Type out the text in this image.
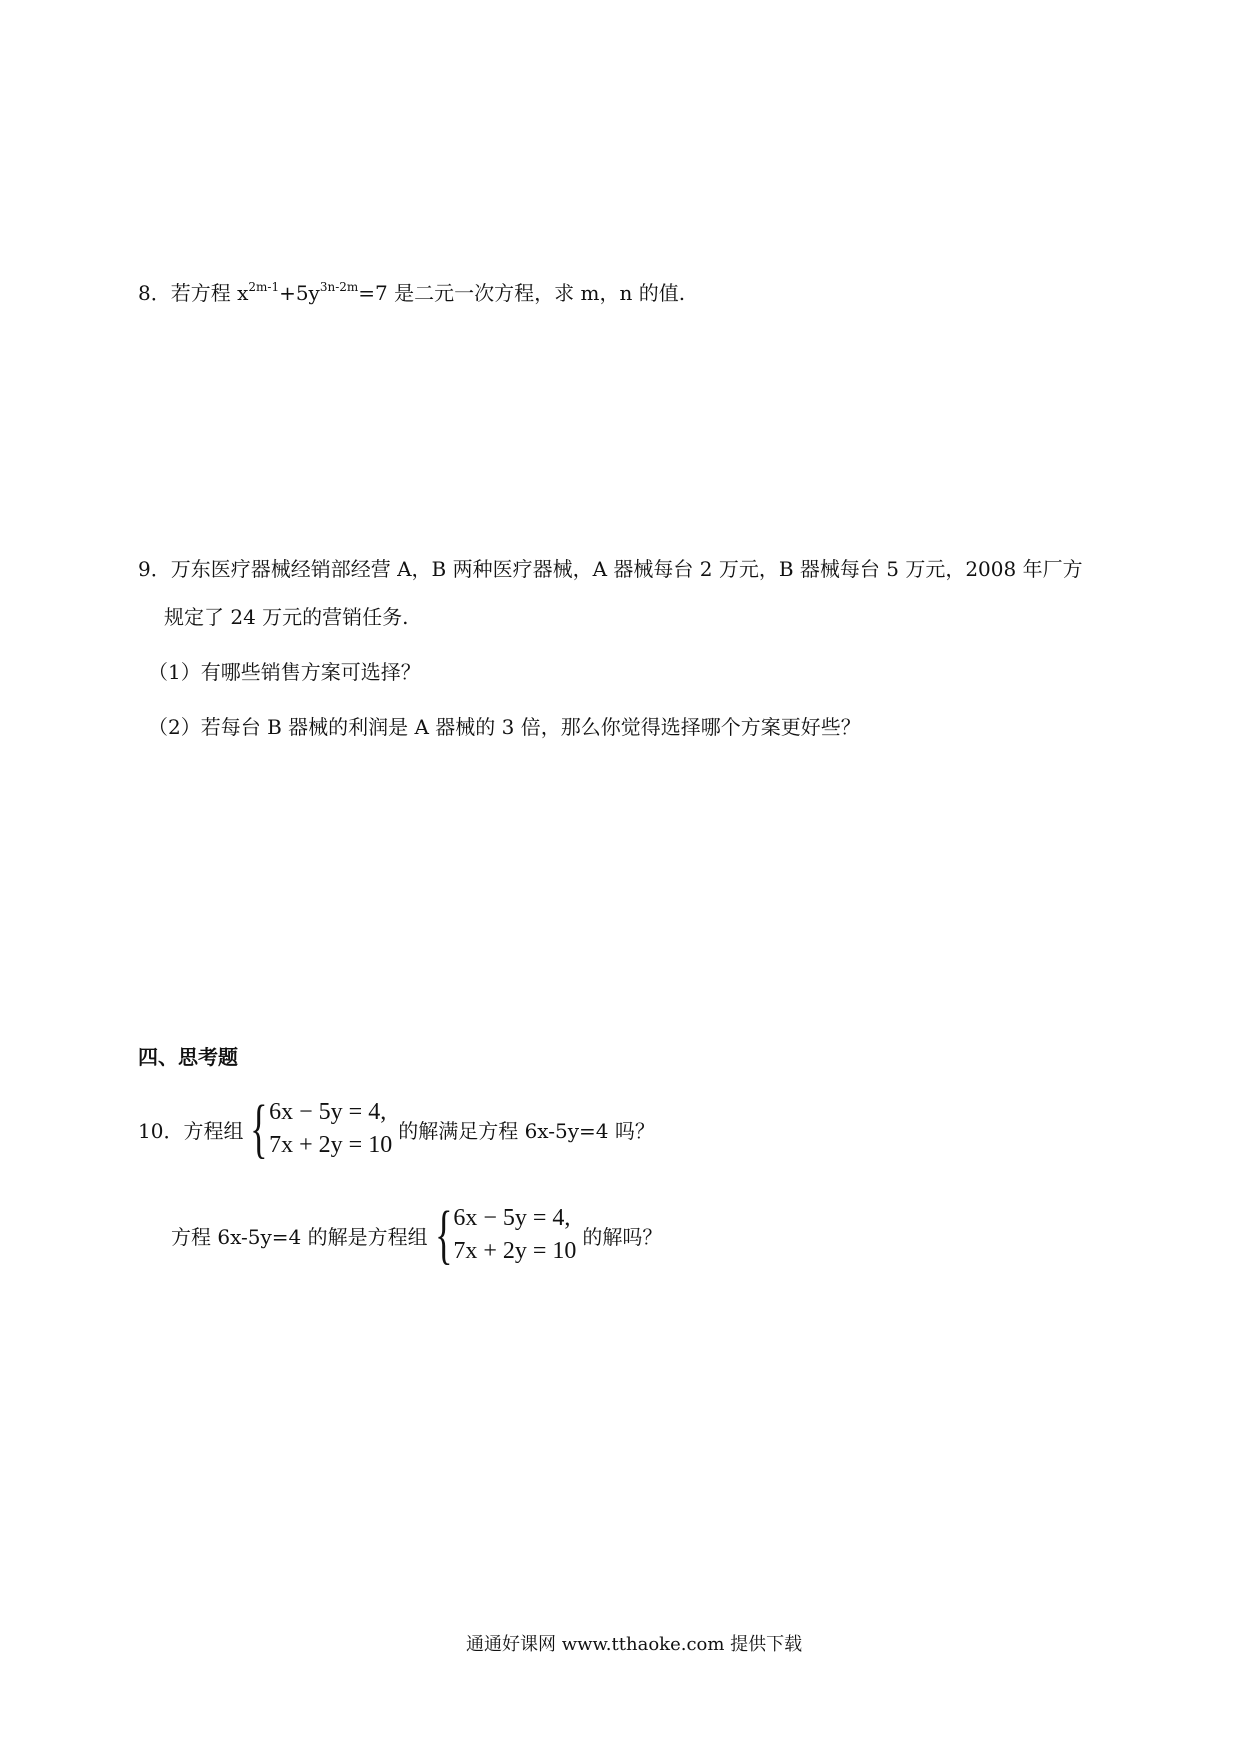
8．若方程 $x^{2m-1}+5y^{3n-2m}=7$ 是二元一次方程，求 m，n 的值.
9．万东医疗器械经销部经营 A，B 两种医疗器械，A 器械每台 2 万元，B 器械每台 5 万元，2008 年厂方
规定了 24 万元的营销任务.
（1）有哪些销售方案可选择？
（2）若每台 B 器械的利润是 A 器械的 3 倍，那么你觉得选择哪个方案更好些？
四、思考题
10．方程组 { 6x − 5y = 4,
7x + 2y = 10
的解满足方程 6x-5y=4 吗？
方程 6x-5y=4 的解是方程组 { 6x − 5y = 4,
7x + 2y = 10
的解吗？
通通好课网 www.tthaoke.com 提供下载
